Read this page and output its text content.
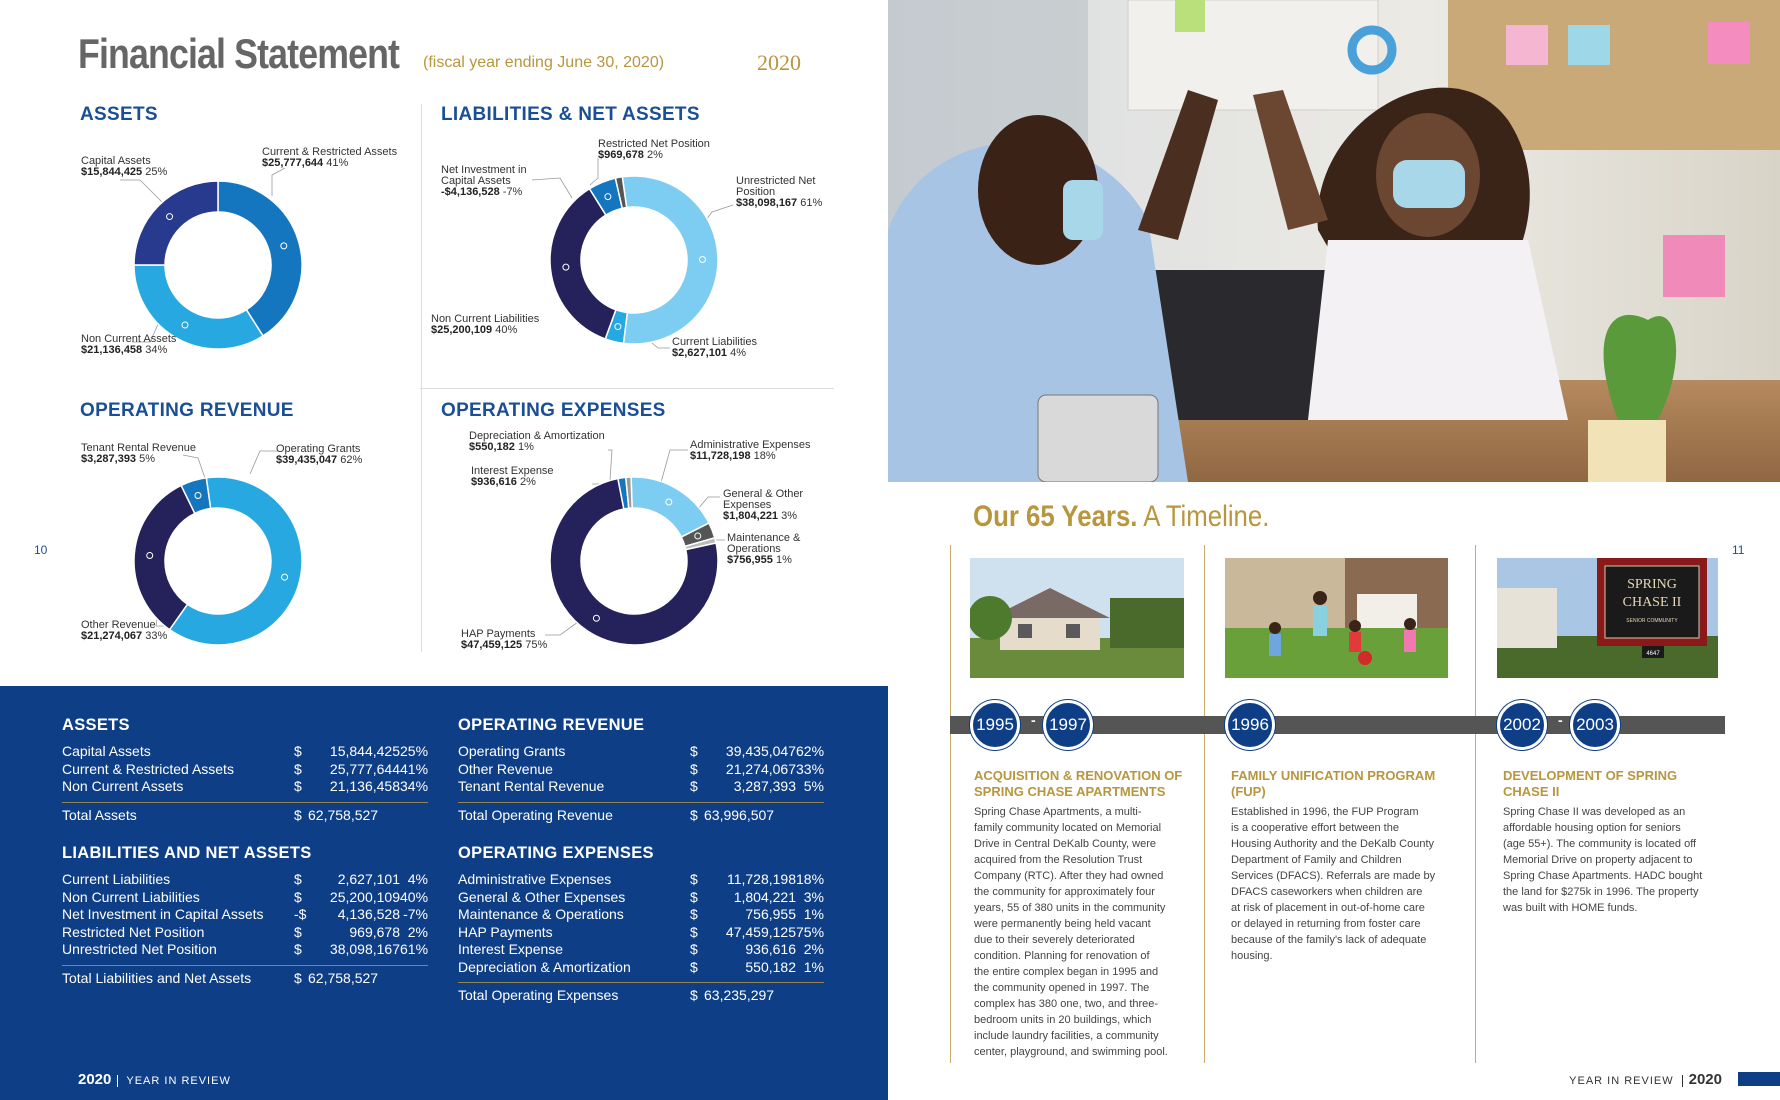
Financial Statement	(fiscal year ending June 30, 2020)	2020
ASSETS	LIABILITIES & NET ASSETS
OPERATING REVENUE	OPERATING EXPENSES
Current & Restricted Assets
$25,777,644 41%
Capital Assets
$15,844,425 25%
Non Current Assets
$21,136,458 34%
Restricted Net Position
$969,678 2%
Net Investment in
Capital Assets
-$4,136,528 -7%
Unrestricted Net
Position
$38,098,167 61%
Non Current Liabilities
$25,200,109 40%
Current Liabilities
$2,627,101 4%
Tenant Rental Revenue
$3,287,393 5%
Operating Grants
$39,435,047 62%
Other Revenue
$21,274,067 33%
Depreciation & Amortization
$550,182 1%
Interest Expense
$936,616 2%
Administrative Expenses
$11,728,198 18%
General & Other
Expenses
$1,804,221 3%
Maintenance &
Operations
$756,955 1%
HAP Payments
$47,459,125 75%
10
ASSETS
Capital Assets	$	15,844,425 25%
Current & Restricted Assets	$	25,777,644 41%
Non Current Assets	$	21,136,458 34%
Total Assets	$ 62,758,527
LIABILITIES AND NET ASSETS
Current Liabilities	$	2,627,101 4%
Non Current Liabilities	$	25,200,109 40%
Net Investment in Capital Assets -$	4,136,528 -7%
Restricted Net Position	$	969,678 2%
Unrestricted Net Position	$	38,098,167 61%
Total Liabilities and Net Assets	$ 62,758,527
OPERATING REVENUE
Operating Grants	$	39,435,047 62%
Other Revenue	$	21,274,067 33%
Tenant Rental Revenue	$	3,287,393 5%
Total Operating Revenue	$ 63,996,507
OPERATING EXPENSES
Administrative Expenses	$	11,728,198 18%
General & Other Expenses	$	1,804,221 3%
Maintenance & Operations	$	756,955 1%
HAP Payments	$	47,459,125 75%
Interest Expense	$	936,616 2%
Depreciation & Amortization	$	550,182 1%
Total Operating Expenses	$ 63,235,297
2020 YEAR IN REVIEW
Our 65 Years. A Timeline.
SPRING
CHASE II
SENIOR COMMUNITY
4647
1995	- 1997	1996	2002	- 2003
ACQUISITION & RENOVATION OF
SPRING CHASE APARTMENTS
FAMILY UNIFICATION PROGRAM
(FUP)
DEVELOPMENT OF SPRING
CHASE II
Spring Chase Apartments, a multi-
family community located on Memorial
Drive in Central DeKalb County, were
acquired from the Resolution Trust
Company (RTC). After they had owned
the community for approximately four
years, 55 of 380 units in the community
were permanently being held vacant
due to their severely deteriorated
condition. Planning for renovation of
the entire complex began in 1995 and
the community opened in 1997. The
complex has 380 one, two, and three-
bedroom units in 20 buildings, which
include laundry facilities, a community
center, playground, and swimming pool.
Established in 1996, the FUP Program
is a cooperative effort between the
Housing Authority and the DeKalb County
Department of Family and Children
Services (DFACS). Referrals are made by
DFACS caseworkers when children are
at risk of placement in out-of-home care
or delayed in returning from foster care
because of the family's lack of adequate
housing.
Spring Chase II was developed as an
affordable housing option for seniors
(age 55+). The community is located off
Memorial Drive on property adjacent to
Spring Chase Apartments. HADC bought
the land for $275k in 1996. The property
was built with HOME funds.
11
YEAR IN REVIEW 2020
